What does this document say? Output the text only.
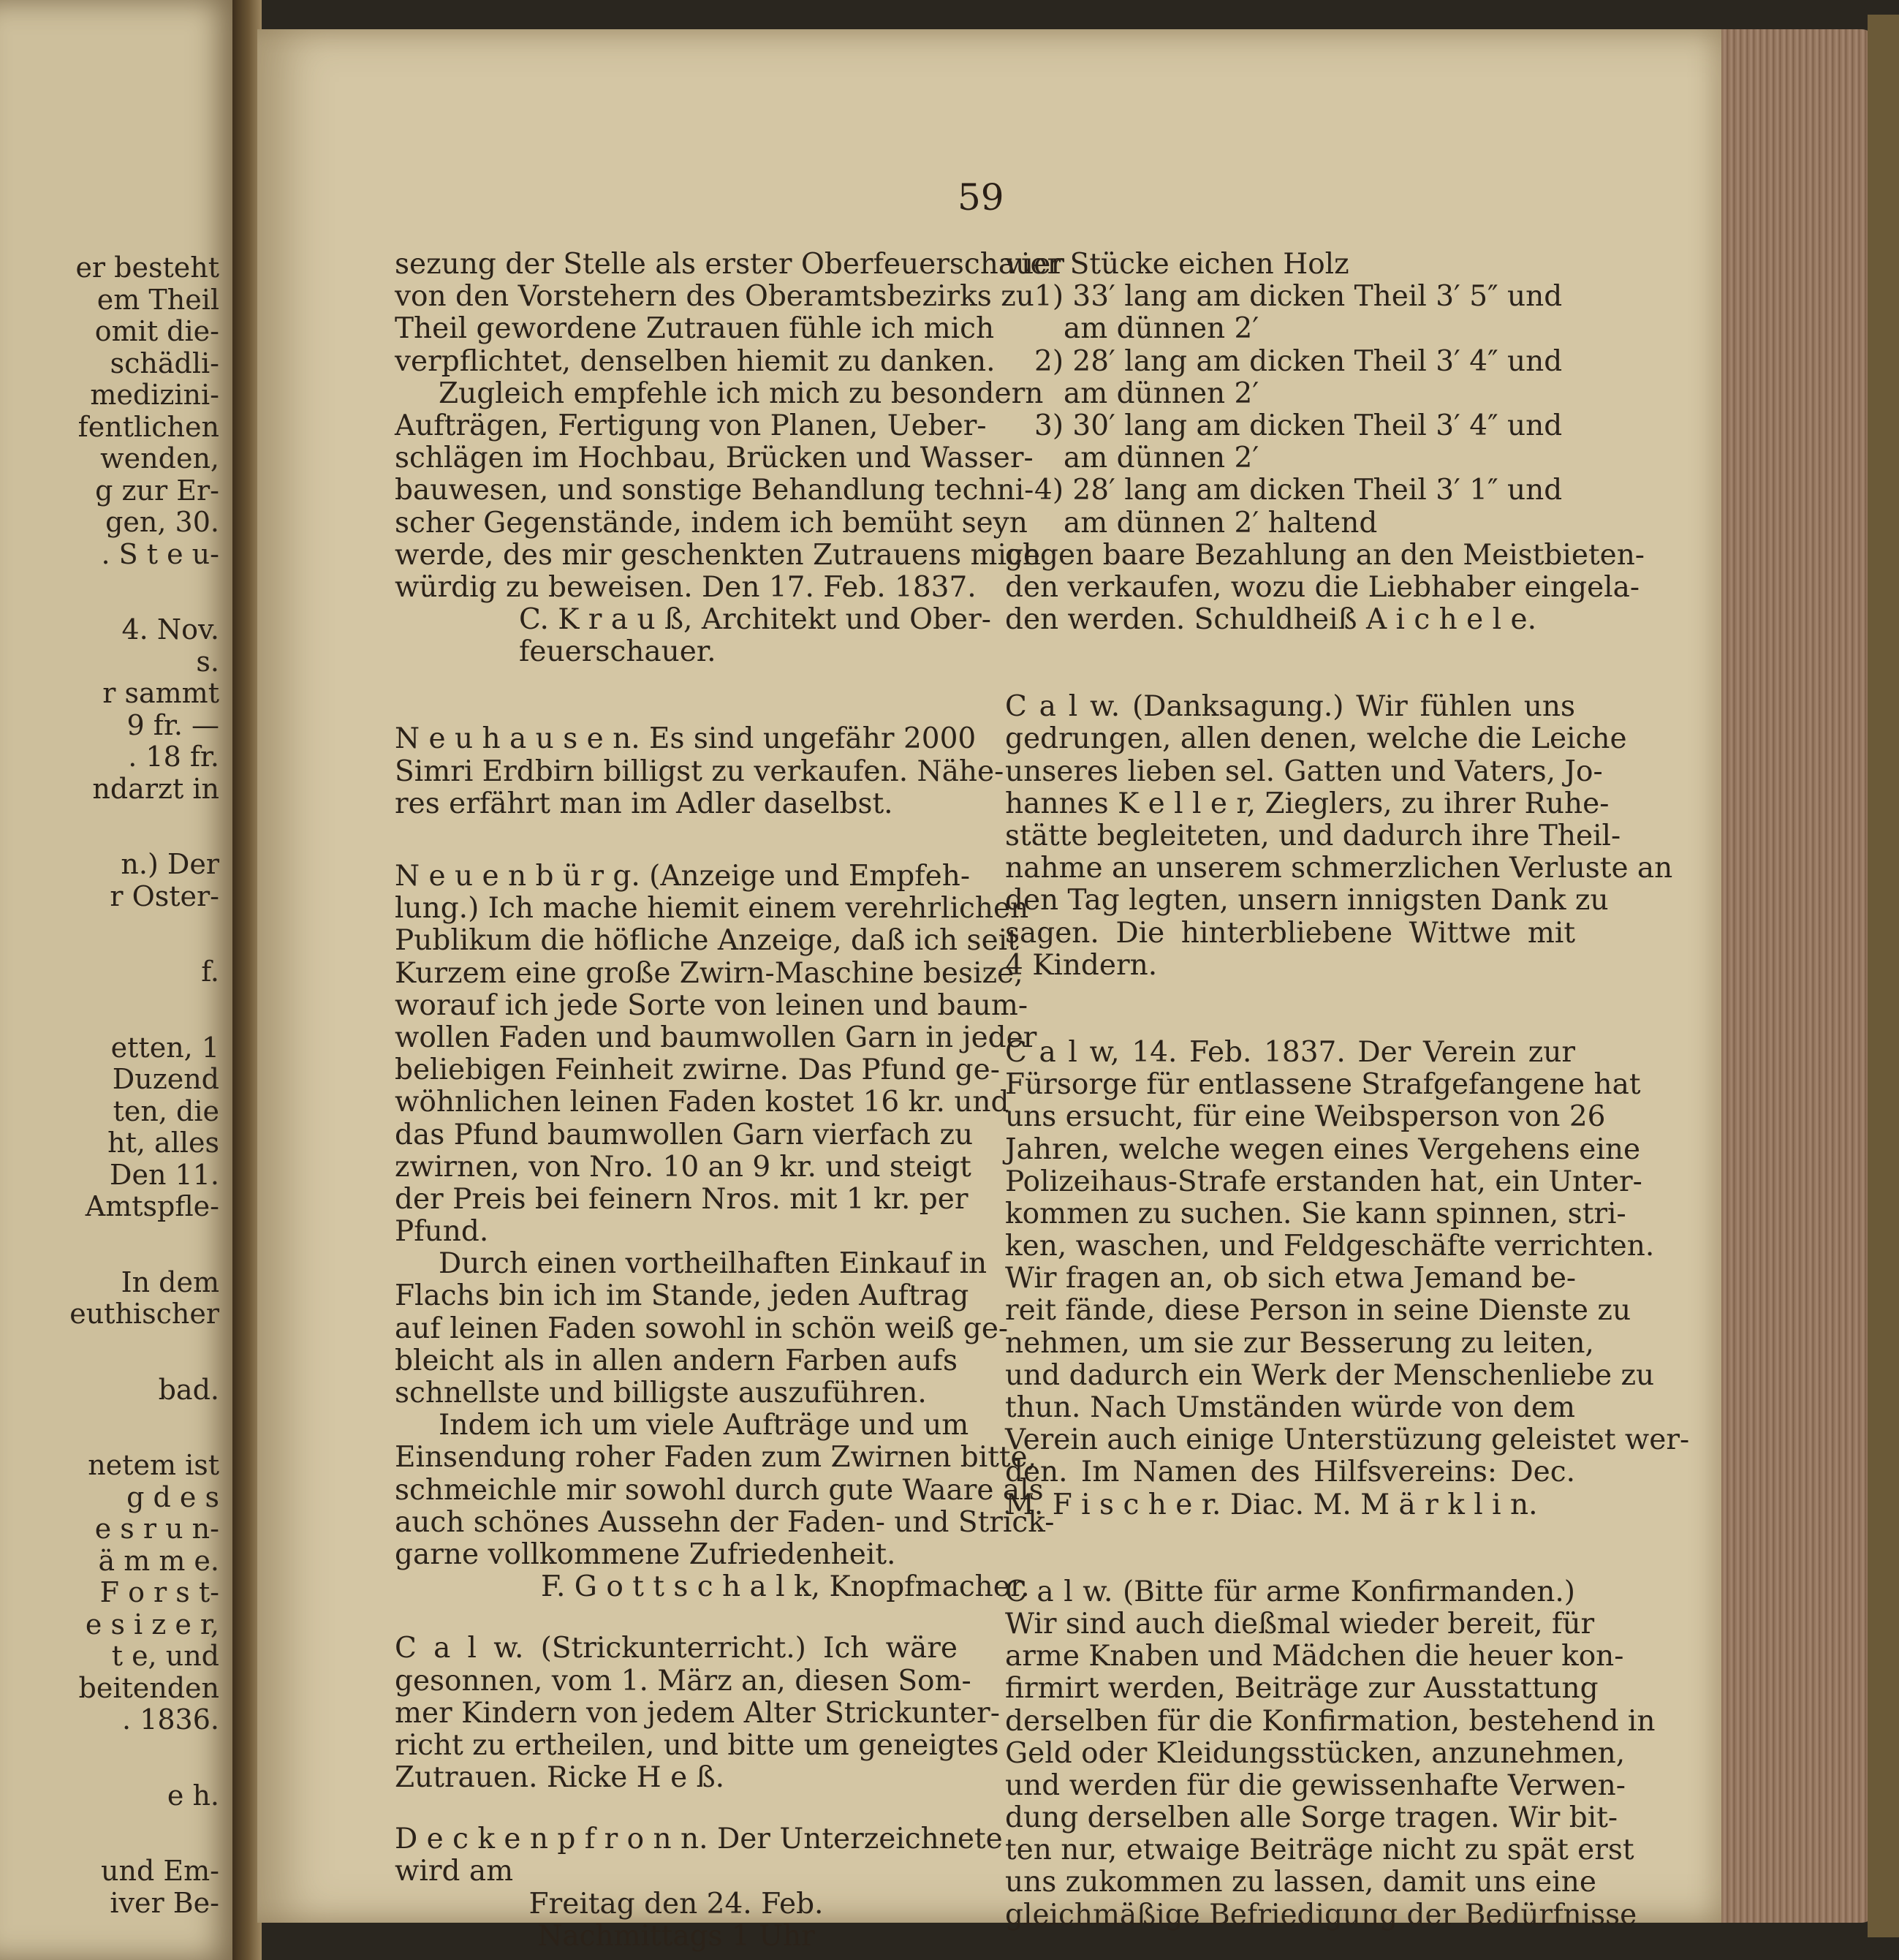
er besteht
em Theil
omit die-
schädli-
medizini-
fentlichen
wenden,
g zur Er-
gen, 30.
. S t e u-
4. Nov.
s.
r sammt
9 fr. —
. 18 fr.
ndarzt in
n.) Der
r Oster-
f.
etten, 1
Duzend
ten, die
ht, alles
Den 11.
Amtspfle-
In dem
euthischer
bad.
netem ist
g d e s
e s r u n-
ä m m e.
F o r s t-
e s i z e r,
t e, und
beitenden
. 1836.
e h.
und Em-
iver Be-
59
sezung der Stelle als erster Oberfeuerschauer
von den Vorstehern des Oberamtsbezirks zu
Theil gewordene Zutrauen fühle ich mich
verpflichtet, denselben hiemit zu danken.
Zugleich empfehle ich mich zu besondern
Aufträgen, Fertigung von Planen, Ueber-
schlägen im Hochbau, Brücken und Wasser-
bauwesen, und sonstige Behandlung techni-
scher Gegenstände, indem ich bemüht seyn
werde, des mir geschenkten Zutrauens mich
würdig zu beweisen. Den 17. Feb. 1837.
C. K r a u ß, Architekt und Ober-
feuerschauer.
N e u h a u s e n. Es sind ungefähr 2000
Simri Erdbirn billigst zu verkaufen. Nähe-
res erfährt man im Adler daselbst.
N e u e n b ü r g. (Anzeige und Empfeh-
lung.) Ich mache hiemit einem verehrlichen
Publikum die höfliche Anzeige, daß ich seit
Kurzem eine große Zwirn-Maschine besize,
worauf ich jede Sorte von leinen und baum-
wollen Faden und baumwollen Garn in jeder
beliebigen Feinheit zwirne. Das Pfund ge-
wöhnlichen leinen Faden kostet 16 kr. und
das Pfund baumwollen Garn vierfach zu
zwirnen, von Nro. 10 an 9 kr. und steigt
der Preis bei feinern Nros. mit 1 kr. per
Pfund.
Durch einen vortheilhaften Einkauf in
Flachs bin ich im Stande, jeden Auftrag
auf leinen Faden sowohl in schön weiß ge-
bleicht als in allen andern Farben aufs
schnellste und billigste auszuführen.
Indem ich um viele Aufträge und um
Einsendung roher Faden zum Zwirnen bitte,
schmeichle mir sowohl durch gute Waare als
auch schönes Aussehn der Faden- und Strick-
garne vollkommene Zufriedenheit.
F. G o t t s c h a l k, Knopfmacher.
C a l w. (Strickunterricht.) Ich wäre
gesonnen, vom 1. März an, diesen Som-
mer Kindern von jedem Alter Strickunter-
richt zu ertheilen, und bitte um geneigtes
Zutrauen. Ricke H e ß.
D e c k e n p f r o n n. Der Unterzeichnete
wird am
Freitag den 24. Feb.
Nachmittags 1 Uhr
vier Stücke eichen Holz
1) 33′ lang am dicken Theil 3′ 5″ und
am dünnen 2′
2) 28′ lang am dicken Theil 3′ 4″ und
am dünnen 2′
3) 30′ lang am dicken Theil 3′ 4″ und
am dünnen 2′
4) 28′ lang am dicken Theil 3′ 1″ und
am dünnen 2′ haltend
gegen baare Bezahlung an den Meistbieten-
den verkaufen, wozu die Liebhaber eingela-
den werden. Schuldheiß A i c h e l e.
C a l w. (Danksagung.) Wir fühlen uns
gedrungen, allen denen, welche die Leiche
unseres lieben sel. Gatten und Vaters, Jo-
hannes K e l l e r, Zieglers, zu ihrer Ruhe-
stätte begleiteten, und dadurch ihre Theil-
nahme an unserem schmerzlichen Verluste an
den Tag legten, unsern innigsten Dank zu
sagen. Die hinterbliebene Wittwe mit
4 Kindern.
C a l w, 14. Feb. 1837. Der Verein zur
Fürsorge für entlassene Strafgefangene hat
uns ersucht, für eine Weibsperson von 26
Jahren, welche wegen eines Vergehens eine
Polizeihaus-Strafe erstanden hat, ein Unter-
kommen zu suchen. Sie kann spinnen, stri-
ken, waschen, und Feldgeschäfte verrichten.
Wir fragen an, ob sich etwa Jemand be-
reit fände, diese Person in seine Dienste zu
nehmen, um sie zur Besserung zu leiten,
und dadurch ein Werk der Menschenliebe zu
thun. Nach Umständen würde von dem
Verein auch einige Unterstüzung geleistet wer-
den. Im Namen des Hilfsvereins: Dec.
M. F i s c h e r. Diac. M. M ä r k l i n.
C a l w. (Bitte für arme Konfirmanden.)
Wir sind auch dießmal wieder bereit, für
arme Knaben und Mädchen die heuer kon-
firmirt werden, Beiträge zur Ausstattung
derselben für die Konfirmation, bestehend in
Geld oder Kleidungsstücken, anzunehmen,
und werden für die gewissenhafte Verwen-
dung derselben alle Sorge tragen. Wir bit-
ten nur, etwaige Beiträge nicht zu spät erst
uns zukommen zu lassen, damit uns eine
gleichmäßige Befriedigung der Bedürfnisse
